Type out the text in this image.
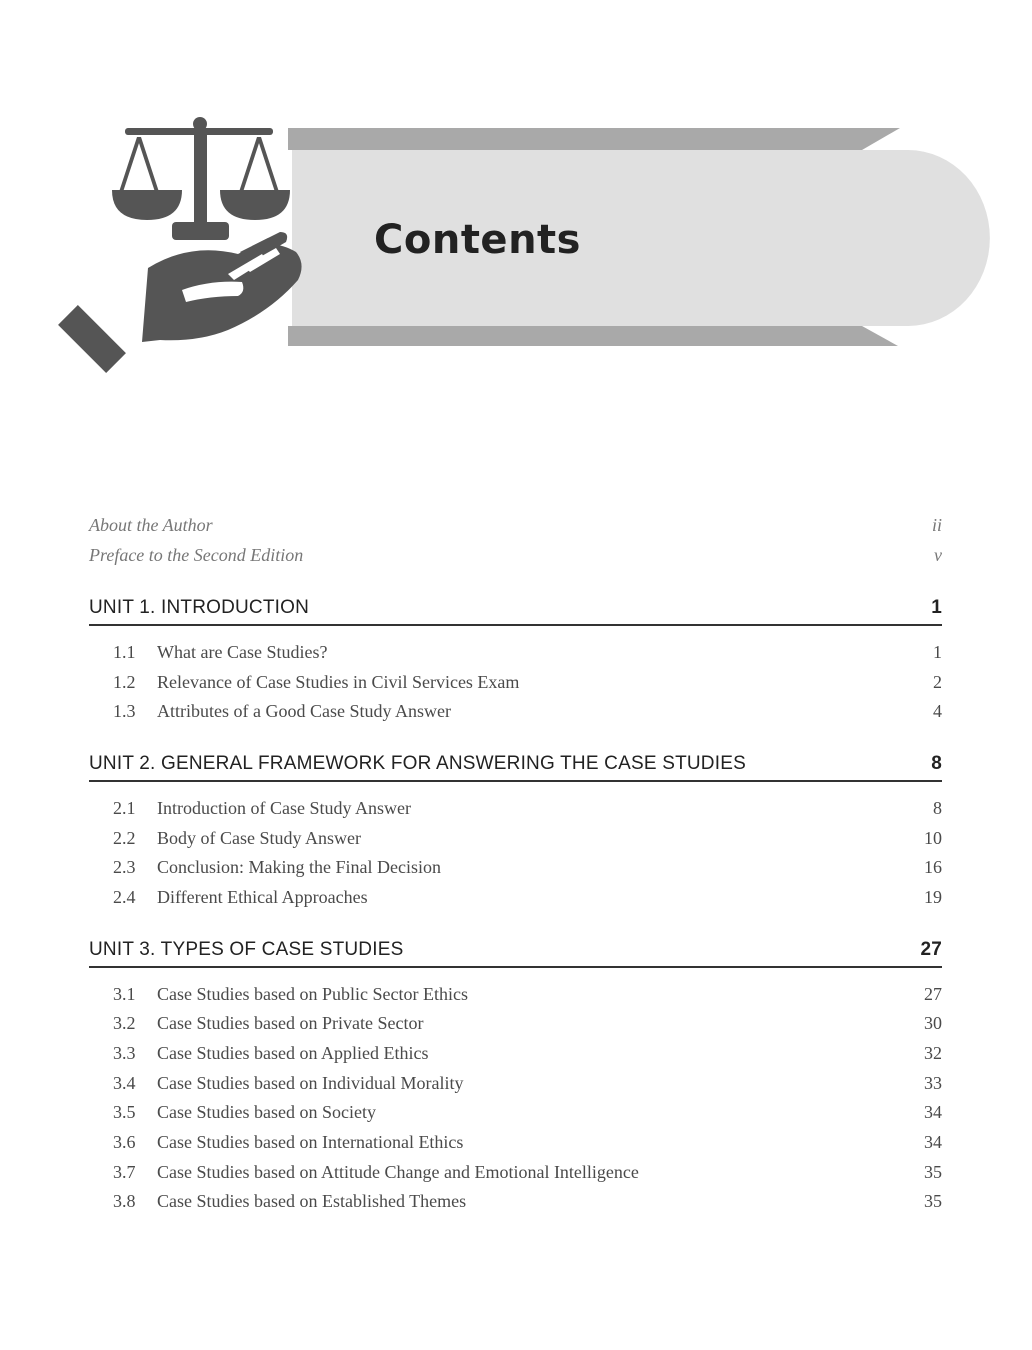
Contents
About the Author	ii
Preface to the Second Edition	v
UNIT 1. INTRODUCTION	1
1.1 What are Case Studies?	1
1.2 Relevance of Case Studies in Civil Services Exam	2
1.3 Attributes of a Good Case Study Answer	4
UNIT 2. GENERAL FRAMEWORK FOR ANSWERING THE CASE STUDIES	8
2.1 Introduction of Case Study Answer	8
2.2 Body of Case Study Answer	10
2.3 Conclusion: Making the Final Decision	16
2.4 Different Ethical Approaches	19
UNIT 3. TYPES OF CASE STUDIES	27
3.1 Case Studies based on Public Sector Ethics	27
3.2 Case Studies based on Private Sector	30
3.3 Case Studies based on Applied Ethics	32
3.4 Case Studies based on Individual Morality	33
3.5 Case Studies based on Society	34
3.6 Case Studies based on International Ethics	34
3.7 Case Studies based on Attitude Change and Emotional Intelligence	35
3.8 Case Studies based on Established Themes	35
